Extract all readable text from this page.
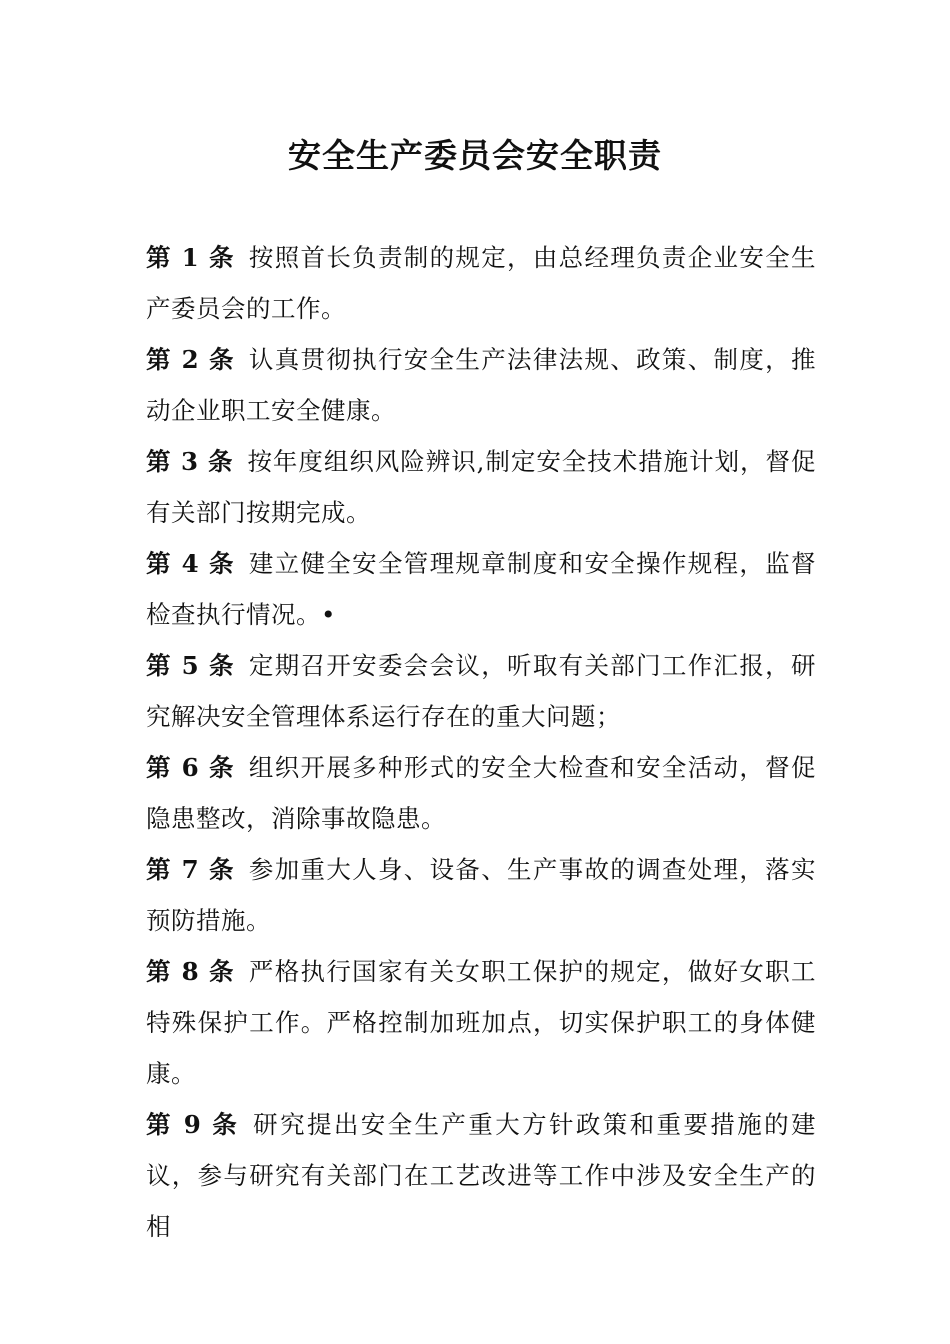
安全生产委员会安全职责

第 1 条 按照首长负责制的规定，由总经理负责企业安全生产委员会的工作。

第 2 条 认真贯彻执行安全生产法律法规、政策、制度，推动企业职工安全健康。

第 3 条 按年度组织风险辨识,制定安全技术措施计划，督促有关部门按期完成。

第 4 条 建立健全安全管理规章制度和安全操作规程，监督检查执行情况。•

第 5 条 定期召开安委会会议，听取有关部门工作汇报，研究解决安全管理体系运行存在的重大问题；

第 6 条 组织开展多种形式的安全大检查和安全活动，督促隐患整改，消除事故隐患。

第 7 条 参加重大人身、设备、生产事故的调查处理，落实预防措施。

第 8 条 严格执行国家有关女职工保护的规定，做好女职工特殊保护工作。严格控制加班加点，切实保护职工的身体健康。

第 9 条 研究提出安全生产重大方针政策和重要措施的建议，参与研究有关部门在工艺改进等工作中涉及安全生产的相
